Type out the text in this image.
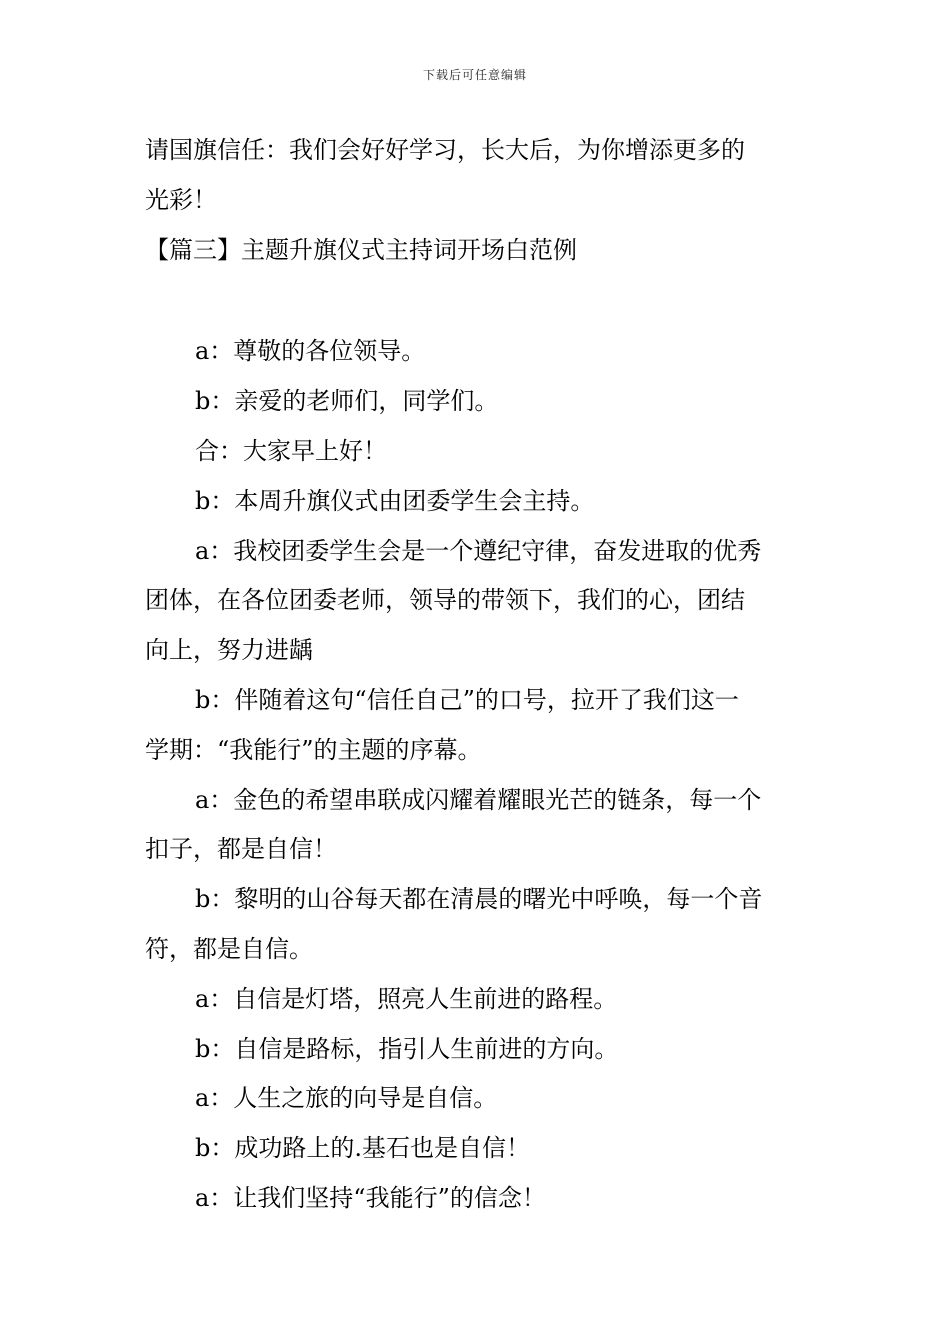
下载后可任意编辑

请国旗信任：我们会好好学习，长大后，为你增添更多的

光彩！

【篇三】主题升旗仪式主持词开场白范例

a：尊敬的各位领导。

b：亲爱的老师们，同学们。

合：大家早上好！

b：本周升旗仪式由团委学生会主持。

a：我校团委学生会是一个遵纪守律，奋发进取的优秀

团体，在各位团委老师，领导的带领下，我们的心，团结

向上，努力进龋

b：伴随着这句“信任自己”的口号，拉开了我们这一

学期：“我能行”的主题的序幕。

a：金色的希望串联成闪耀着耀眼光芒的链条，每一个

扣子，都是自信！

b：黎明的山谷每天都在清晨的曙光中呼唤，每一个音

符，都是自信。

a：自信是灯塔，照亮人生前进的路程。

b：自信是路标，指引人生前进的方向。

a：人生之旅的向导是自信。

b：成功路上的.基石也是自信！

a：让我们坚持“我能行”的信念！
